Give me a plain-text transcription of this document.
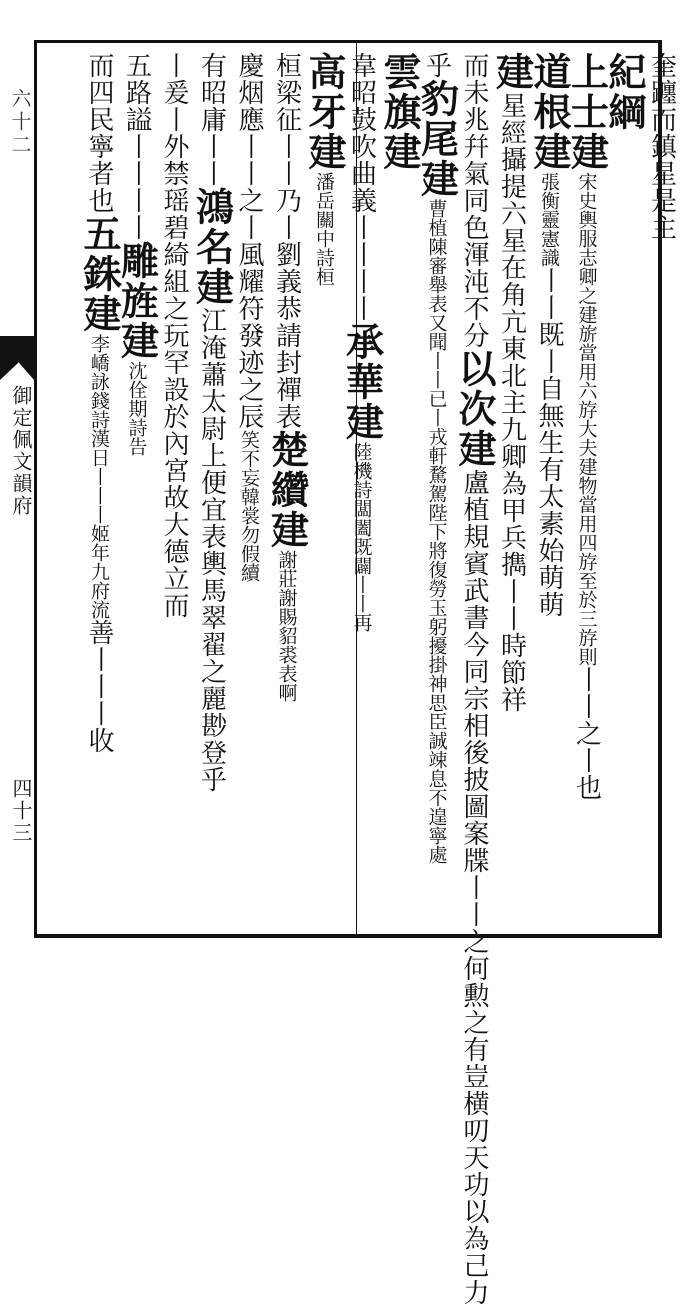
六十二
御定佩文韻府
四十三
奎躔而鎮星是主
紀綱
上士建宋史輿服志卿之建旂當用六斿大夫建物當用四斿至於三斿則丨丨之丨也
道根建張衡靈憲識丨丨既丨自無生有太素始萌萌
建星經攝提六星在角亢東北主九卿為甲兵擕丨丨時節祥
而未兆幷氣同色渾沌不分以次建盧植規賓武書今同宗相後披圖案牒丨丨之何勲之有豈横叨天功以為己力
乎豹尾建曹植陳審舉表又聞丨丨已丨戎軒騖駕陛下將復勞玉躬擾掛神思臣誠竦息不遑寧處
雲旗建
韋昭鼓吹曲義丨丨丨丨承華建陸機詩闆闔既闢丨丨再
高牙建潘岳關中詩桓
桓梁征丨丨乃丨劉義恭請封禪表楚纘建謝莊謝賜貂裘表啊
慶烟應丨丨之丨風耀符發迹之辰笑不妄韓裳勿假續
有昭庸丨丨鴻名建江淹蕭太尉上便宜表輿馬翠翟之麗尠登乎
丨爰丨外禁瑶碧綺組之玩罕設於內宮故大德立而
五路謚丨丨丨丨雕旌建沈佺期詩告
而四民寧者也五銖建李嶠詠錢詩漢日丨丨丨姬年九府流善丨丨丨收
